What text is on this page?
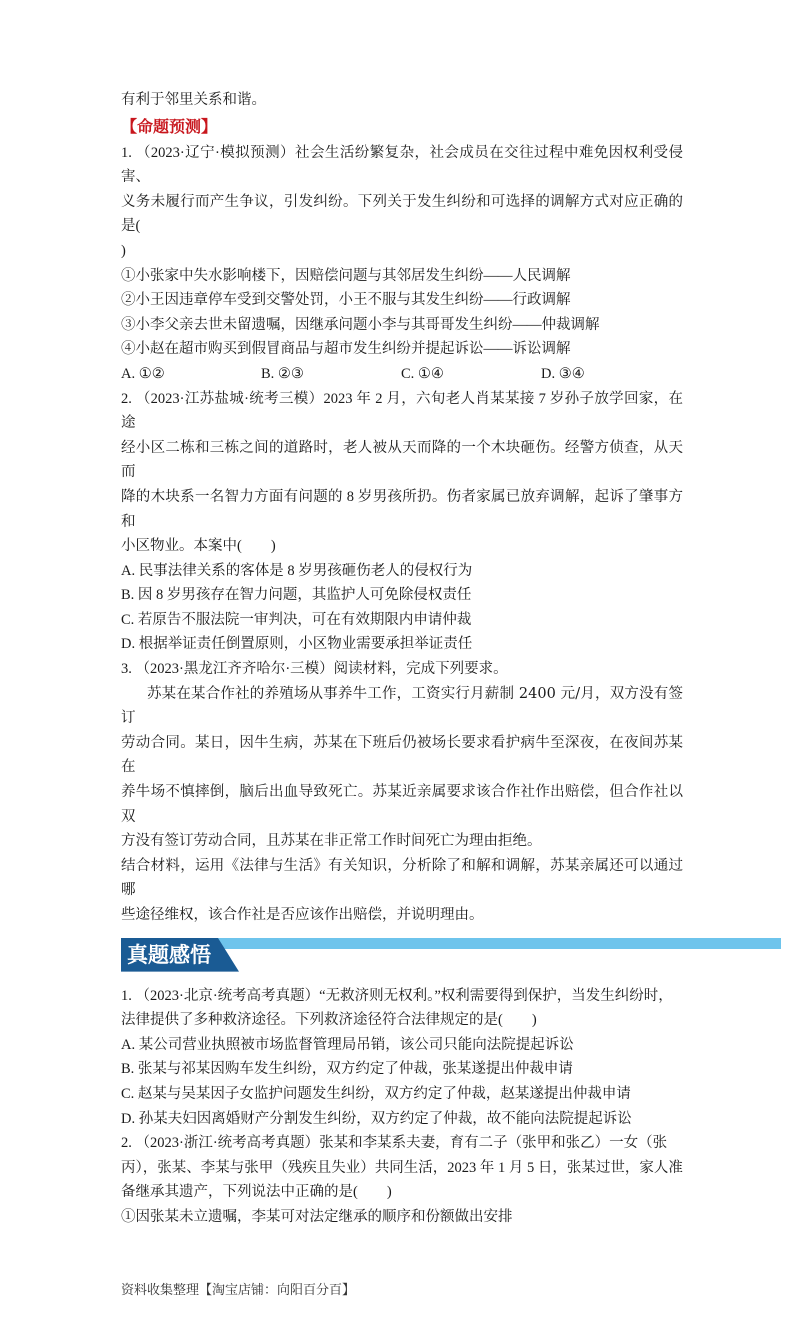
有利于邻里关系和谐。
【命题预测】
1. （2023·辽宁·模拟预测）社会生活纷繁复杂，社会成员在交往过程中难免因权利受侵害、
义务未履行而产生争议，引发纠纷。下列关于发生纠纷和可选择的调解方式对应正确的是(
)
①小张家中失水影响楼下，因赔偿问题与其邻居发生纠纷——人民调解
②小王因违章停车受到交警处罚，小王不服与其发生纠纷——行政调解
③小李父亲去世未留遗嘱，因继承问题小李与其哥哥发生纠纷——仲裁调解
④小赵在超市购买到假冒商品与超市发生纠纷并提起诉讼——诉讼调解
A. ①②	B. ②③	C. ①④	D. ③④
2. （2023·江苏盐城·统考三模）2023 年 2 月，六旬老人肖某某接 7 岁孙子放学回家，在途
经小区二栋和三栋之间的道路时，老人被从天而降的一个木块砸伤。经警方侦查，从天而
降的木块系一名智力方面有问题的 8 岁男孩所扔。伤者家属已放弃调解，起诉了肇事方和
小区物业。本案中(　　)
A. 民事法律关系的客体是 8 岁男孩砸伤老人的侵权行为
B. 因 8 岁男孩存在智力问题，其监护人可免除侵权责任
C. 若原告不服法院一审判决，可在有效期限内申请仲裁
D. 根据举证责任倒置原则，小区物业需要承担举证责任
3. （2023·黑龙江齐齐哈尔·三模）阅读材料，完成下列要求。
苏某在某合作社的养殖场从事养牛工作，工资实行月薪制 2400 元/月，双方没有签订
劳动合同。某日，因牛生病，苏某在下班后仍被场长要求看护病牛至深夜，在夜间苏某在
养牛场不慎摔倒，脑后出血导致死亡。苏某近亲属要求该合作社作出赔偿，但合作社以双
方没有签订劳动合同，且苏某在非正常工作时间死亡为理由拒绝。
结合材料，运用《法律与生活》有关知识，分析除了和解和调解，苏某亲属还可以通过哪
些途径维权，该合作社是否应该作出赔偿，并说明理由。
真题感悟
1. （2023·北京·统考高考真题）“无救济则无权利。”权利需要得到保护，当发生纠纷时，
法律提供了多种救济途径。下列救济途径符合法律规定的是(　　)
A. 某公司营业执照被市场监督管理局吊销，该公司只能向法院提起诉讼
B. 张某与祁某因购车发生纠纷，双方约定了仲裁，张某遂提出仲裁申请
C. 赵某与吴某因子女监护问题发生纠纷，双方约定了仲裁，赵某遂提出仲裁申请
D. 孙某夫妇因离婚财产分割发生纠纷，双方约定了仲裁，故不能向法院提起诉讼
2. （2023·浙江·统考高考真题）张某和李某系夫妻，育有二子（张甲和张乙）一女（张
丙），张某、李某与张甲（残疾且失业）共同生活，2023 年 1 月 5 日，张某过世，家人准
备继承其遗产，下列说法中正确的是(　　)
①因张某未立遗嘱，李某可对法定继承的顺序和份额做出安排
资料收集整理【淘宝店铺：向阳百分百】
